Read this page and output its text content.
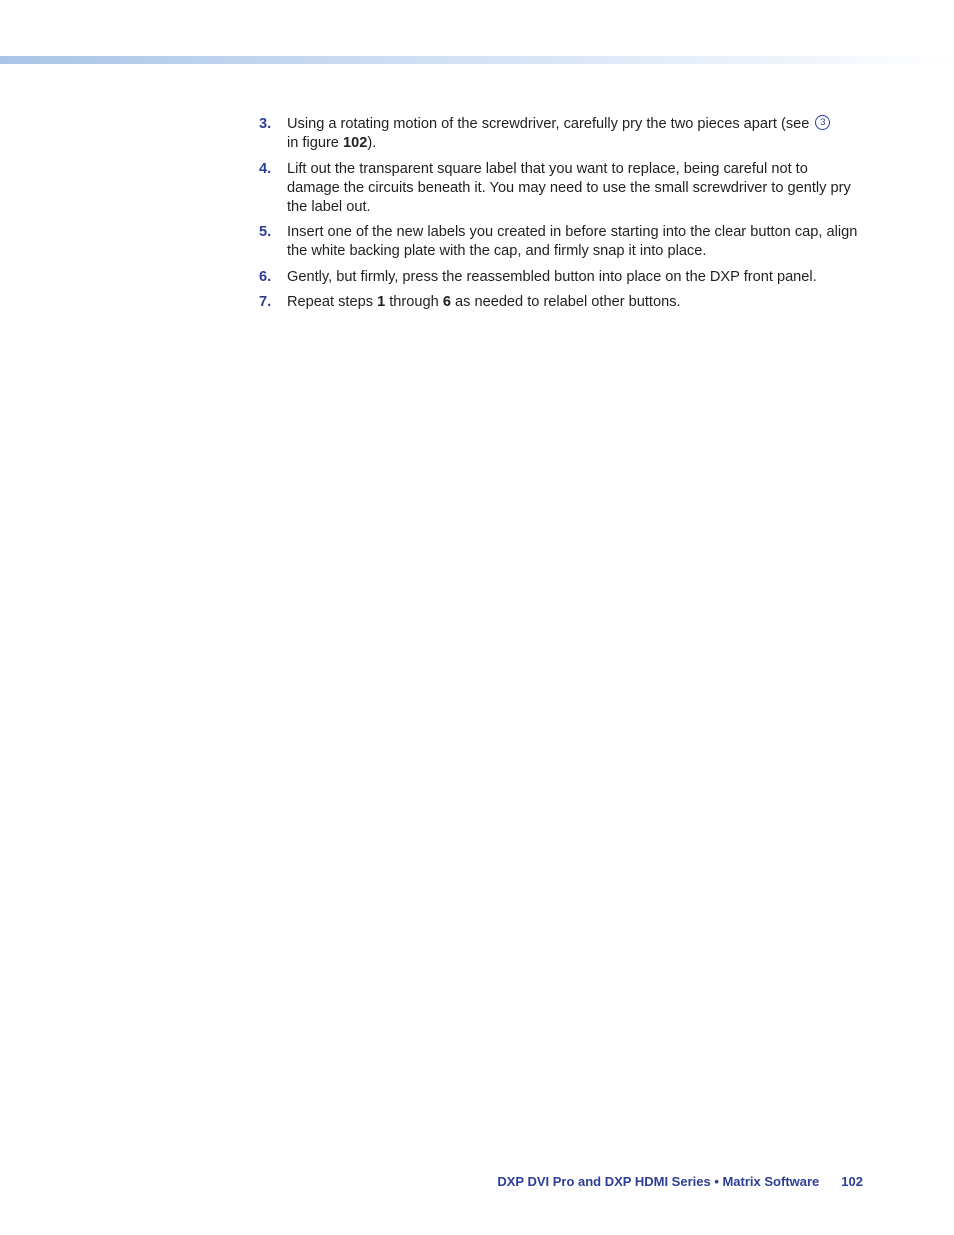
3. Using a rotating motion of the screwdriver, carefully pry the two pieces apart (see 3
in figure 102).
4. Lift out the transparent square label that you want to replace, being careful not to damage the circuits beneath it. You may need to use the small screwdriver to gently pry the label out.
5. Insert one of the new labels you created in before starting into the clear button cap, align the white backing plate with the cap, and firmly snap it into place.
6. Gently, but firmly, press the reassembled button into place on the DXP front panel.
7. Repeat steps 1 through 6 as needed to relabel other buttons.
DXP DVI Pro and DXP HDMI Series • Matrix Software 102
